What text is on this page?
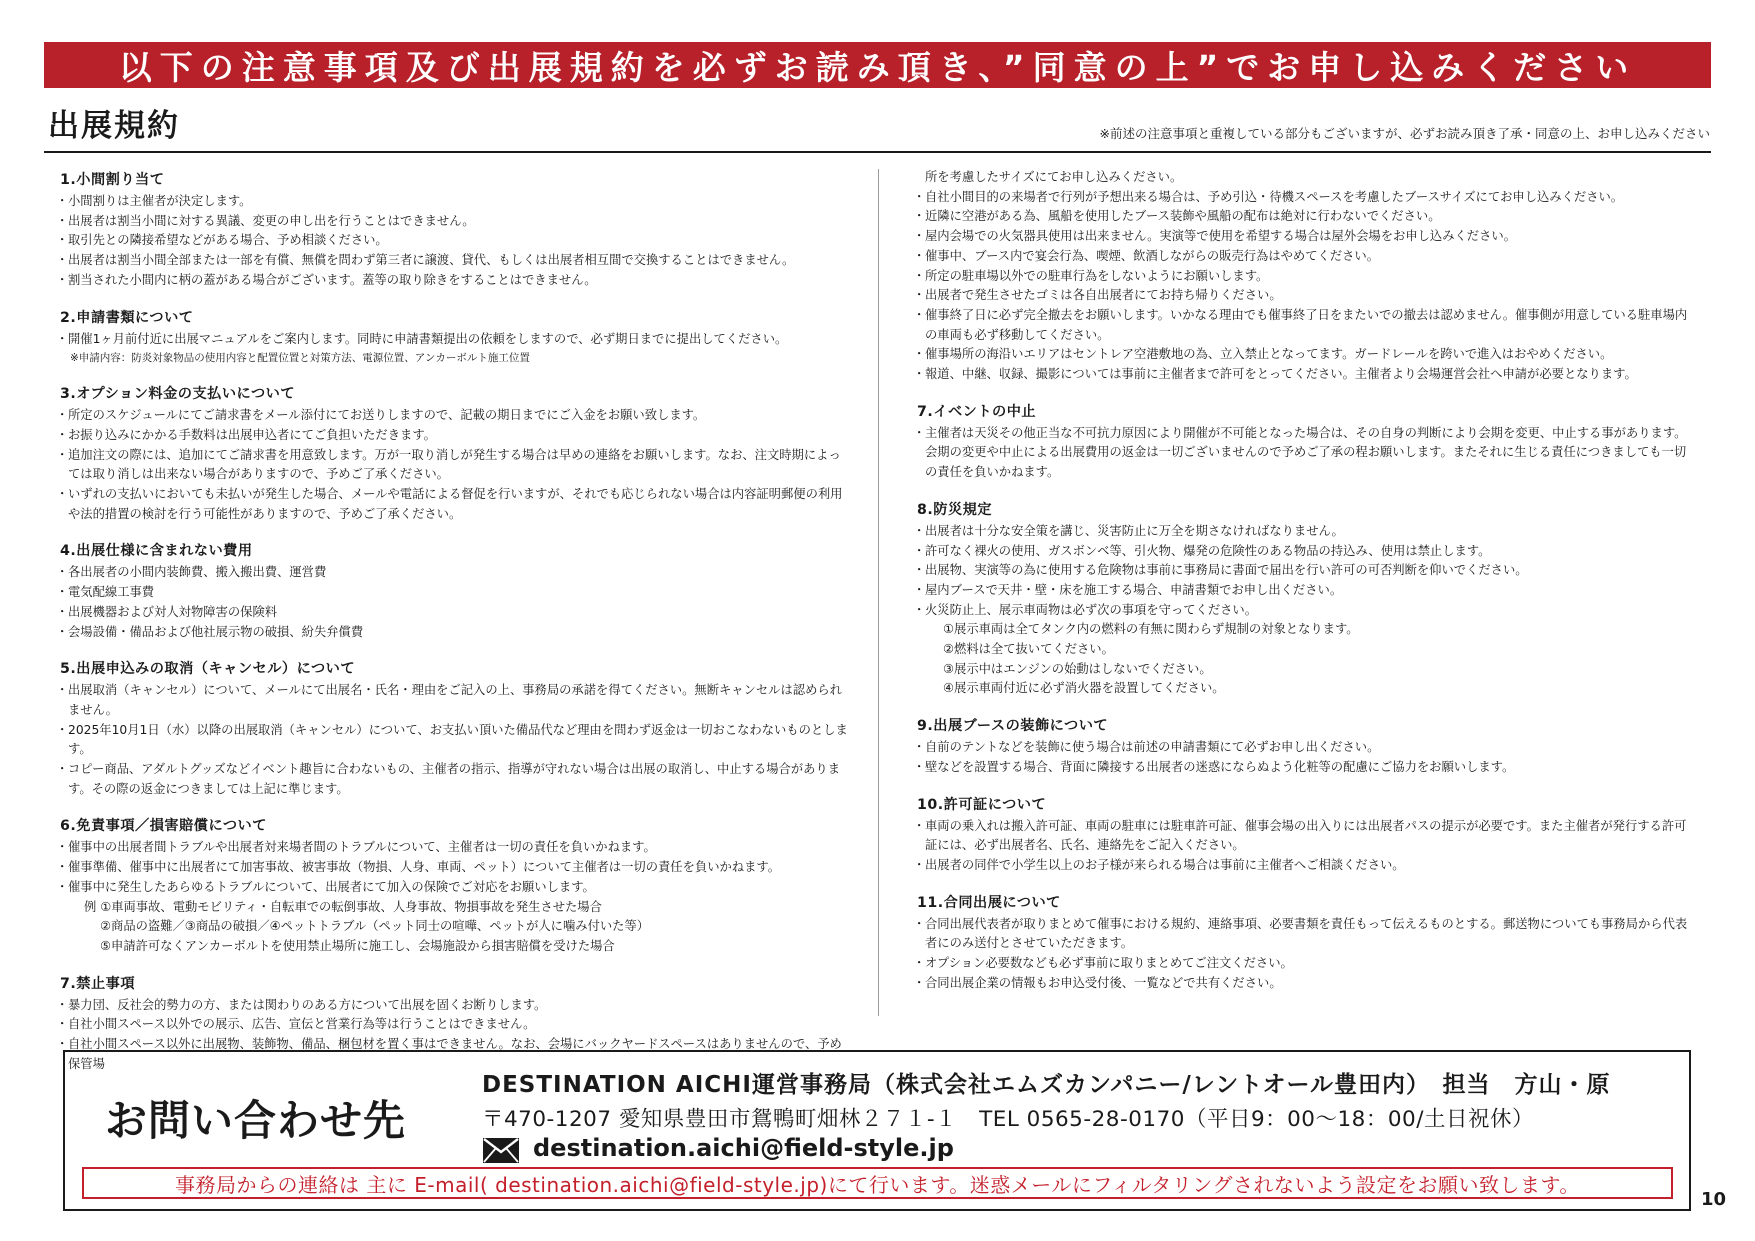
以下の注意事項及び出展規約を必ずお読み頂き、”同意の上”でお申し込みください
出展規約	※前述の注意事項と重複している部分もございますが、必ずお読み頂き了承・同意の上、お申し込みください
1.小間割り当て
・ 小間割りは主催者が決定します。
・ 出展者は割当小間に対する異議、変更の申し出を行うことはできません。
・ 取引先との隣接希望などがある場合、予め相談ください。
・ 出展者は割当小間全部または一部を有償、無償を問わず第三者に譲渡、貸代、もしくは出展者相互間で交換することはできません。
・ 割当された小間内に柄の蓋がある場合がございます。蓋等の取り除きをすることはできません。
2.申請書類について
・ 開催1ヶ月前付近に出展マニュアルをご案内します。同時に申請書類提出の依頼をしますので、必ず期日までに提出してください。
※申請内容：防炎対象物品の使用内容と配置位置と対策方法、電源位置、アンカーボルト施工位置
3.オプション料金の支払いについて
・ 所定のスケジュールにてご請求書をメール添付にてお送りしますので、記載の期日までにご入金をお願い致します。
・ お振り込みにかかる手数料は出展申込者にてご負担いただきます。
・ 追加注文の際には、追加にてご請求書を用意致します。万が一取り消しが発生する場合は早めの連絡をお願いします。なお、注文時期によっては取り消しは出来ない場合がありますので、予めご了承ください。
・ いずれの支払いにおいても未払いが発生した場合、メールや電話による督促を行いますが、それでも応じられない場合は内容証明郵便の利用や法的措置の検討を行う可能性がありますので、予めご了承ください。
4.出展仕様に含まれない費用
・ 各出展者の小間内装飾費、搬入搬出費、運営費
・ 電気配線工事費
・ 出展機器および対人対物障害の保険料
・ 会場設備・備品および他社展示物の破損、紛失弁償費
5.出展申込みの取消（キャンセル）について
・ 出展取消（キャンセル）について、メールにて出展名・氏名・理由をご記入の上、事務局の承諾を得てください。無断キャンセルは認められません。
・ 2025年10月1日（水）以降の出展取消（キャンセル）について、お支払い頂いた備品代など理由を問わず返金は一切おこなわないものとします。
・ コピー商品、アダルトグッズなどイベント趣旨に合わないもの、主催者の指示、指導が守れない場合は出展の取消し、中止する場合があります。その際の返金につきましては上記に準じます。
6.免責事項／損害賠償について
・ 催事中の出展者間トラブルや出展者対来場者間のトラブルについて、主催者は一切の責任を負いかねます。
・ 催事準備、催事中に出展者にて加害事故、被害事故（物損、人身、車両、ペット）について主催者は一切の責任を負いかねます。
・ 催事中に発生したあらゆるトラブルについて、出展者にて加入の保険でご対応をお願いします。
例 ①車両事故、電動モビリティ・自転車での転倒事故、人身事故、物損事故を発生させた場合
②商品の盗難／③商品の破損／④ペットトラブル（ペット同士の喧嘩、ペットが人に噛み付いた等）
⑤申請許可なくアンカーボルトを使用禁止場所に施工し、会場施設から損害賠償を受けた場合
7.禁止事項
・ 暴力団、反社会的勢力の方、または関わりのある方について出展を固くお断りします。
・ 自社小間スペース以外での展示、広告、宣伝と営業行為等は行うことはできません。
・ 自社小間スペース以外に出展物、装飾物、備品、梱包材を置く事はできません。なお、会場にバックヤードスペースはありませんので、予め保管場
所を考慮したサイズにてお申し込みください。
・ 自社小間目的の来場者で行列が予想出来る場合は、予め引込・待機スペースを考慮したブースサイズにてお申し込みください。
・ 近隣に空港がある為、風船を使用したブース装飾や風船の配布は絶対に行わないでください。
・ 屋内会場での火気器具使用は出来ません。実演等で使用を希望する場合は屋外会場をお申し込みください。
・ 催事中、ブース内で宴会行為、喫煙、飲酒しながらの販売行為はやめてください。
・ 所定の駐車場以外での駐車行為をしないようにお願いします。
・ 出展者で発生させたゴミは各自出展者にてお持ち帰りください。
・ 催事終了日に必ず完全撤去をお願いします。いかなる理由でも催事終了日をまたいでの撤去は認めません。催事側が用意している駐車場内の車両も必ず移動してください。
・ 催事場所の海沿いエリアはセントレア空港敷地の為、立入禁止となってます。ガードレールを跨いで進入はおやめください。
・ 報道、中継、収録、撮影については事前に主催者まで許可をとってください。主催者より会場運営会社へ申請が必要となります。
7.イベントの中止
・ 主催者は天災その他正当な不可抗力原因により開催が不可能となった場合は、その自身の判断により会期を変更、中止する事があります。会期の変更や中止による出展費用の返金は一切ございませんので予めご了承の程お願いします。またそれに生じる責任につきましても一切の責任を負いかねます。
8.防災規定
・ 出展者は十分な安全策を講じ、災害防止に万全を期さなければなりません。
・ 許可なく裸火の使用、ガスボンベ等、引火物、爆発の危険性のある物品の持込み、使用は禁止します。
・ 出展物、実演等の為に使用する危険物は事前に事務局に書面で届出を行い許可の可否判断を仰いでください。
・ 屋内ブースで天井・壁・床を施工する場合、申請書類でお申し出ください。
・ 火災防止上、展示車両物は必ず次の事項を守ってください。
①展示車両は全てタンク内の燃料の有無に関わらず規制の対象となります。
②燃料は全て抜いてください。
③展示中はエンジンの始動はしないでください。
④展示車両付近に必ず消火器を設置してください。
9.出展ブースの装飾について
・ 自前のテントなどを装飾に使う場合は前述の申請書類にて必ずお申し出ください。
・ 壁などを設置する場合、背面に隣接する出展者の迷惑にならぬよう化粧等の配慮にご協力をお願いします。
10.許可証について
・ 車両の乗入れは搬入許可証、車両の駐車には駐車許可証、催事会場の出入りには出展者パスの提示が必要です。また主催者が発行する許可証には、必ず出展者名、氏名、連絡先をご記入ください。
・ 出展者の同伴で小学生以上のお子様が来られる場合は事前に主催者へご相談ください。
11.合同出展について
・ 合同出展代表者が取りまとめて催事における規約、連絡事項、必要書類を責任もって伝えるものとする。郵送物についても事務局から代表者にのみ送付とさせていただきます。
・ オプション必要数なども必ず事前に取りまとめてご注文ください。
・ 合同出展企業の情報もお申込受付後、一覧などで共有ください。
お問い合わせ先
DESTINATION AICHI運営事務局（株式会社エムズカンパニー/レントオール豊田内）　担当　方山・原
〒470-1207 愛知県豊田市鴛鴨町畑林２７１-１　TEL 0565-28-0170（平日9：00～18：00/土日祝休）
destination.aichi@field-style.jp
事務局からの連絡は 主に E-mail( destination.aichi@field-style.jp)にて行います。迷惑メールにフィルタリングされないよう設定をお願い致します。
10
